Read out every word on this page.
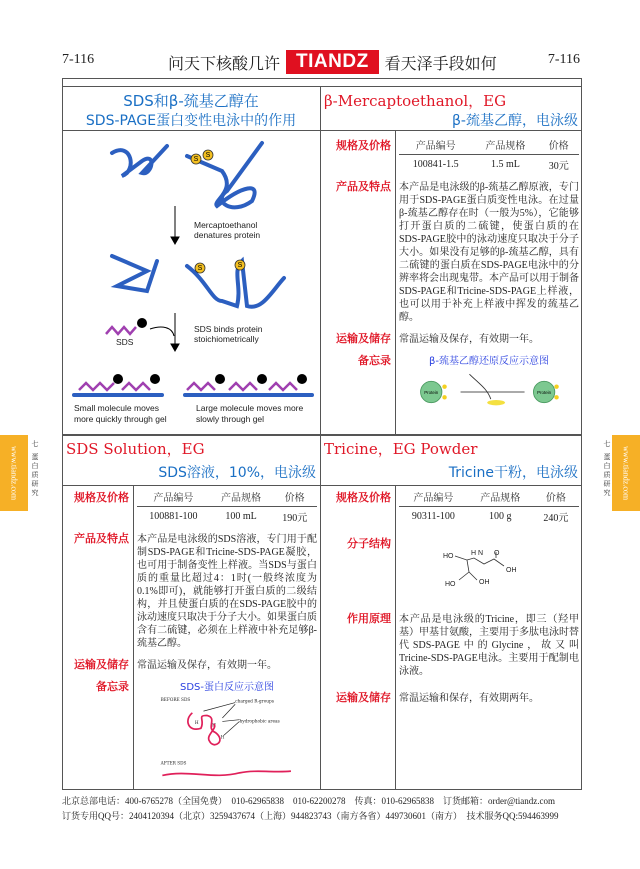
7-116	7-116
问天下核酸几许 TIANDZ	看天泽手段如何
www.tiandz.com	七 蛋白质研究	www.tiandz.com
七 蛋白质研究
SDS和β-巯基乙醇在
SDS-PAGE蛋白变性电泳中的作用
S
S
S	S
Mercaptoethanol
denatures protein
SDS binds protein
stoichiometrically
SDS
Small molecule moves
more quickly through gel
Large molecule moves more
slowly through gel
β-Mercaptoethanol，EG
β-巯基乙醇，电泳级
规格及价格 产品编号	产品规格	价格
100841-1.5	1.5 mL	30元
产品及特点 本产品是电泳级的β-巯基乙醇原液，专门用于SDS-PAGE蛋白质变性电泳。在过量β-巯基乙醇存在时（一般为5%），它能够打开蛋白质的二硫键，使蛋白质的在SDS-PAGE胶中的泳动速度只取决于分子大小。如果没有足够的β-巯基乙醇，具有二硫键的蛋白质在SDS-PAGE电泳中的分辨率将会出现鬼带。本产品可以用于制备SDS-PAGE和Tricine-SDS-PAGE上样液，也可以用于补充上样液中挥发的巯基乙醇。
运输及储存 常温运输及保存，有效期一年。
备忘录	β-巯基乙醇还原反应示意图
Protein	Protein
SDS Solution，EG
SDS溶液，10%，电泳级
规格及价格 产品编号	产品规格	价格
100881-100	100 mL	190元
产品及特点 本产品是电泳级的SDS溶液，专门用于配制SDS-PAGE和Tricine-SDS-PAGE凝胶，也可用于制备变性上样液。当SDS与蛋白质的重量比超过4：1时(一般终浓度为0.1%即可)，就能够打开蛋白质的二级结构，并且使蛋白质的在SDS-PAGE胶中的泳动速度只取决于分子大小。如果蛋白质含有二硫键，必须在上样液中补充足够β-巯基乙醇。
运输及储存 常温运输及保存，有效期一年。
备忘录	SDS-蛋白反应示意图
BEFORE SDS	charged R-groups
hydrophobic areas
AFTER SDS
H
H
H
Tricine，EG Powder
Tricine干粉，电泳级
规格及价格 产品编号	产品规格	价格
90311-100	100 g	240元
分子结构
HO
HO	OH
OH
H N O
作用原理 本产品是电泳级的Tricine，即三（羟甲基）甲基甘氨酸，主要用于多肽电泳时替代SDS-PAGE中的Glycine，故又叫Tricine-SDS-PAGE电泳。主要用于配制电泳液。
运输及储存 常温运输和保存，有效期两年。
北京总部电话：400-6765278（全国免费）　010-62965838　010-62200278　传真：010-62965838　订货邮箱：order@tiandz.com
订货专用QQ号：2404120394（北京）3259437674（上海）944823743（南方各省）449730601（南方）　技术服务QQ:594463999
